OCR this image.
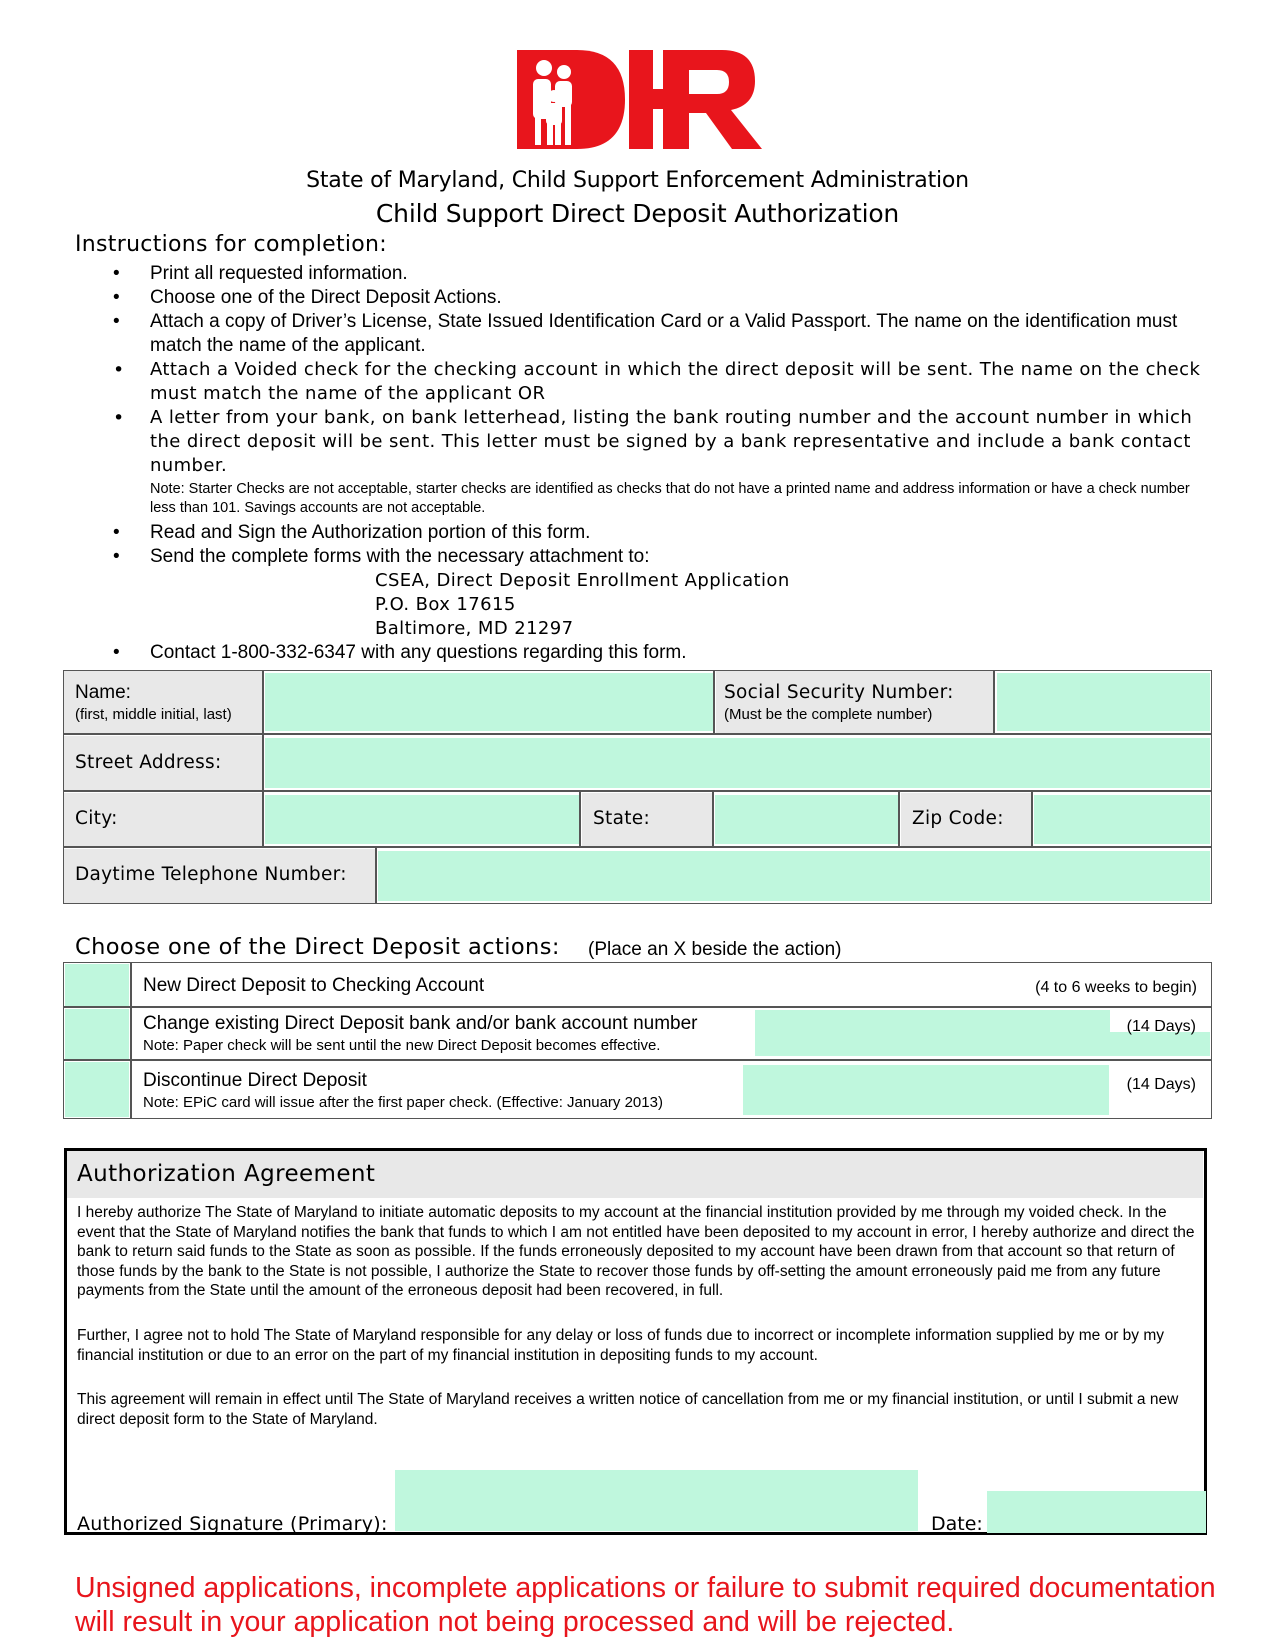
State of Maryland, Child Support Enforcement Administration
Child Support Direct Deposit Authorization
Instructions for completion:
• Print all requested information.
• Choose one of the Direct Deposit Actions.
• Attach a copy of Driver’s License, State Issued Identification Card or a Valid Passport. The name on the identification must match the name of the applicant.
• Attach a Voided check for the checking account in which the direct deposit will be sent. The name on the check must match the name of the applicant OR
• A letter from your bank, on bank letterhead, listing the bank routing number and the account number in which the direct deposit will be sent. This letter must be signed by a bank representative and include a bank contact number.
Note: Starter Checks are not acceptable, starter checks are identified as checks that do not have a printed name and address information or have a check number less than 101. Savings accounts are not acceptable.
• Read and Sign the Authorization portion of this form.
• Send the complete forms with the necessary attachment to:
CSEA, Direct Deposit Enrollment Application
P.O. Box 17615
Baltimore, MD 21297
• Contact 1-800-332-6347 with any questions regarding this form.
Name:
(first, middle initial, last)
Social Security Number:
(Must be the complete number)
Street Address:
City:	State:	Zip Code:
Daytime Telephone Number:
Choose one of the Direct Deposit actions: (Place an X beside the action)
New Direct Deposit to Checking Account	(4 to 6 weeks to begin)
Change existing Direct Deposit bank and/or bank account number
Note: Paper check will be sent until the new Direct Deposit becomes effective.
(14 Days)
Discontinue Direct Deposit
Note: EPiC card will issue after the first paper check. (Effective: January 2013)
(14 Days)
Authorization Agreement
I hereby authorize The State of Maryland to initiate automatic deposits to my account at the financial institution provided by me through my voided check. In the event that the State of Maryland notifies the bank that funds to which I am not entitled have been deposited to my account in error, I hereby authorize and direct the bank to return said funds to the State as soon as possible. If the funds erroneously deposited to my account have been drawn from that account so that return of those funds by the bank to the State is not possible, I authorize the State to recover those funds by off-setting the amount erroneously paid me from any future payments from the State until the amount of the erroneous deposit had been recovered, in full.
Further, I agree not to hold The State of Maryland responsible for any delay or loss of funds due to incorrect or incomplete information supplied by me or by my financial institution or due to an error on the part of my financial institution in depositing funds to my account.
This agreement will remain in effect until The State of Maryland receives a written notice of cancellation from me or my financial institution, or until I submit a new direct deposit form to the State of Maryland.
Authorized Signature (Primary):	Date:
Unsigned applications, incomplete applications or failure to submit required documentation will result in your application not being processed and will be rejected.
